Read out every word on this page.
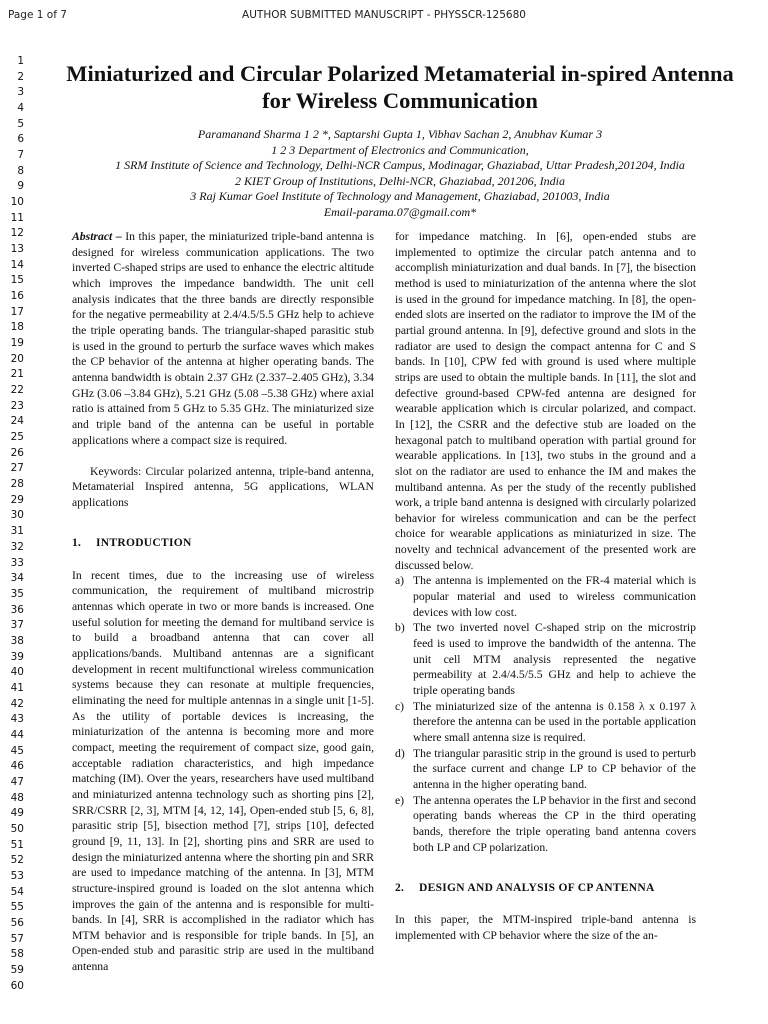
Page 1 of 7	AUTHOR SUBMITTED MANUSCRIPT - PHYSSCR-125680
1
2
3
4
5
6
7
8
9
10
11
12
13
14
15
16
17
18
19
20
21
22
23
24
25
26
27
28
29
30
31
32
33
34
35
36
37
38
39
40
41
42
43
44
45
46
47
48
49
50
51
52
53
54
55
56
57
58
59
60
Miniaturized and Circular Polarized Metamaterial in-spired Antenna for Wireless Communication
Paramanand Sharma 1 2 *, Saptarshi Gupta 1, Vibhav Sachan 2, Anubhav Kumar 3
1 2 3 Department of Electronics and Communication,
1 SRM Institute of Science and Technology, Delhi-NCR Campus, Modinagar, Ghaziabad, Uttar Pradesh,201204, India
2 KIET Group of Institutions, Delhi-NCR, Ghaziabad, 201206, India
3 Raj Kumar Goel Institute of Technology and Management, Ghaziabad, 201003, India
Email-parama.07@gmail.com*

Abstract – In this paper, the miniaturized triple-band antenna is designed for wireless communication applications. The two inverted C-shaped strips are used to enhance the electric altitude which improves the impedance bandwidth. The unit cell analysis indicates that the three bands are directly responsible for the negative permeability at 2.4/4.5/5.5 GHz help to achieve the triple operating bands. The triangular-shaped parasitic stub is used in the ground to perturb the surface waves which makes the CP behavior of the antenna at higher operating bands. The antenna bandwidth is obtain 2.37 GHz (2.337–2.405 GHz), 3.34 GHz (3.06 –3.84 GHz), 5.21 GHz (5.08 –5.38 GHz) where axial ratio is attained from 5 GHz to 5.35 GHz. The miniaturized size and triple band of the antenna can be useful in portable applications where a compact size is required.

Keywords: Circular polarized antenna, triple-band antenna, Metamaterial Inspired antenna, 5G applications, WLAN applications

1. INTRODUCTION

In recent times, due to the increasing use of wireless communication, the requirement of multiband microstrip antennas which operate in two or more bands is increased. One useful solution for meeting the demand for multiband service is to build a broadband antenna that can cover all applications/bands. Multiband antennas are a significant development in recent multifunctional wireless communication systems because they can resonate at multiple frequencies, eliminating the need for multiple antennas in a single unit [1-5]. As the utility of portable devices is increasing, the miniaturization of the antenna is becoming more and more compact, meeting the requirement of compact size, good gain, acceptable radiation characteristics, and high impedance matching (IM). Over the years, researchers have used multiband and miniaturized antenna technology such as shorting pins [2], SRR/CSRR [2, 3], MTM [4, 12, 14], Open-ended stub [5, 6, 8], parasitic strip [5], bisection method [7], strips [10], defected ground [9, 11, 13]. In [2], shorting pins and SRR are used to design the miniaturized antenna where the shorting pin and SRR are used to impedance matching of the antenna. In [3], MTM structure-inspired ground is loaded on the slot antenna which improves the gain of the antenna and is responsible for multi-bands. In [4], SRR is accomplished in the radiator which has MTM behavior and is responsible for triple bands. In [5], an Open-ended stub and parasitic strip are used in the multiband antenna

for impedance matching. In [6], open-ended stubs are implemented to optimize the circular patch antenna and to accomplish miniaturization and dual bands. In [7], the bisection method is used to miniaturization of the antenna where the slot is used in the ground for impedance matching. In [8], the open-ended slots are inserted on the radiator to improve the IM of the partial ground antenna. In [9], defective ground and slots in the radiator are used to design the compact antenna for C and S bands. In [10], CPW fed with ground is used where multiple strips are used to obtain the multiple bands. In [11], the slot and defective ground-based CPW-fed antenna are designed for wearable application which is circular polarized, and compact. In [12], the CSRR and the defective stub are loaded on the hexagonal patch to multiband operation with partial ground for wearable applications. In [13], two stubs in the ground and a slot on the radiator are used to enhance the IM and makes the multiband antenna. As per the study of the recently published work, a triple band antenna is designed with circularly polarized behavior for wireless communication and can be the perfect choice for wearable applications as miniaturized in size. The novelty and technical advancement of the presented work are discussed below.

a) The antenna is implemented on the FR-4 material which is popular material and used to wireless communication devices with low cost.
b) The two inverted novel C-shaped strip on the microstrip feed is used to improve the bandwidth of the antenna. The unit cell MTM analysis represented the negative permeability at 2.4/4.5/5.5 GHz and help to achieve the triple operating bands
c) The miniaturized size of the antenna is 0.158 λ x 0.197 λ therefore the antenna can be used in the portable application where small antenna size is required.
d) The triangular parasitic strip in the ground is used to perturb the surface current and change LP to CP behavior of the antenna in the higher operating band.
e) The antenna operates the LP behavior in the first and second operating bands whereas the CP in the third operating bands, therefore the triple operating band antenna covers both LP and CP polarization.

2. DESIGN AND ANALYSIS OF CP ANTENNA

In this paper, the MTM-inspired triple-band antenna is implemented with CP behavior where the size of the an-
